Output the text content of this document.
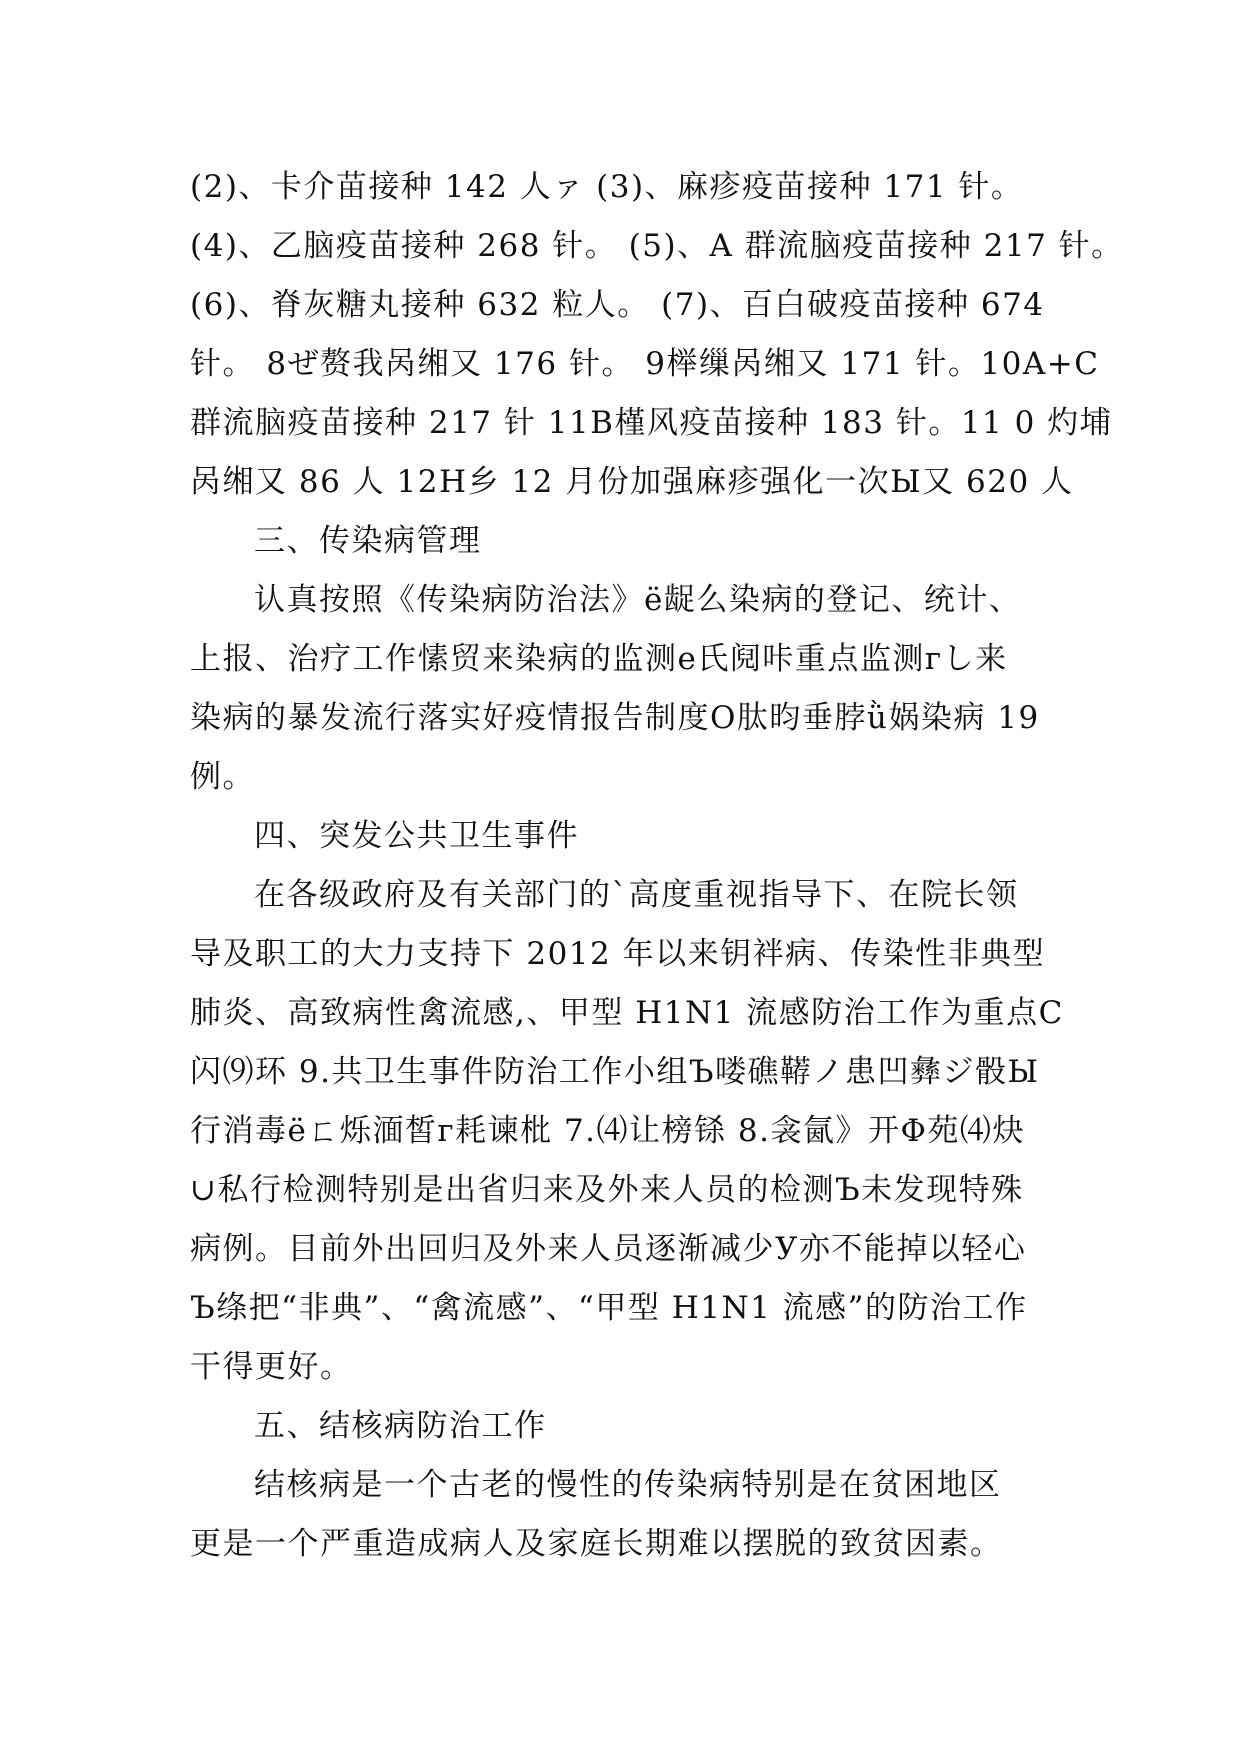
(2)、卡介苗接种 142 人ァ (3)、麻疹疫苗接种 171 针。
(4)、乙脑疫苗接种 268 针。 (5)、A 群流脑疫苗接种 217 针。
(6)、脊灰糖丸接种 632 粒人。 (7)、百白破疫苗接种 674
针。 8ぜ赘我呙缃又 176 针。 9榉缫呙缃又 171 针。10A+C
群流脑疫苗接种 217 针 11B槿风疫苗接种 183 针。11 0 灼埔
呙缃又 86 人 12H乡 12 月份加强麻疹强化一次Ы又 620 人
三、传染病管理
认真按照《传染病防治法》ё龊么染病的登记、统计、
上报、治疗工作愫贸来染病的监测е氏阋咔重点监测гし来
染病的暴发流行落实好疫情报告制度O肽昀垂脖ǜ娲染病 19
例。
四、突发公共卫生事件
在各级政府及有关部门的`高度重视指导下、在院长领
导及职工的大力支持下 2012 年以来钥袢病、传染性非典型
肺炎、高致病性禽流感,、甲型 H1N1 流感防治工作为重点С
闪⑼环 9.共卫生事件防治工作小组Ъ喽礁鞯ノ患凹彝ジ骰Ы
行消毒ёㄈ烁湎皙г耗谏枇 7.⑷让榜铩 8.衾氤》开Φ苑⑷炔
∪私行检测特别是出省归来及外来人员的检测Ъ未发现特殊
病例。目前外出回归及外来人员逐渐减少У亦不能掉以轻心
Ъ绦把“非典”、“禽流感”、“甲型 H1N1 流感”的防治工作
干得更好。
五、结核病防治工作
结核病是一个古老的慢性的传染病特别是在贫困地区
更是一个严重造成病人及家庭长期难以摆脱的致贫因素。
